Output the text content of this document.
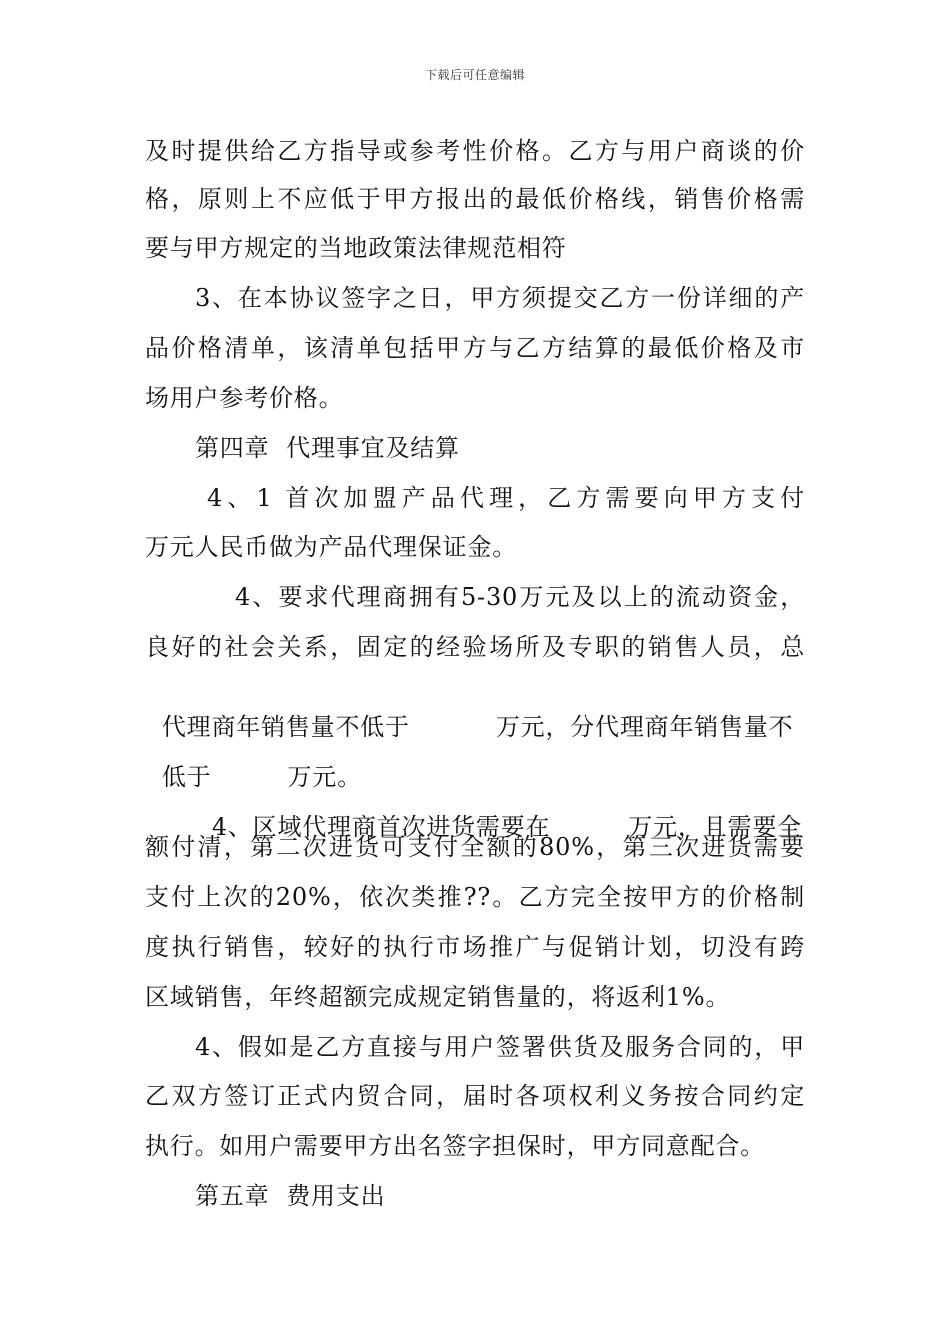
下载后可任意编辑
及时提供给乙方指导或参考性价格。乙方与用户商谈的价
格，原则上不应低于甲方报出的最低价格线，销售价格需
要与甲方规定的当地政策法律规范相符
3、在本协议签字之日，甲方须提交乙方一份详细的产
品价格清单，该清单包括甲方与乙方结算的最低价格及市
场用户参考价格。
第四章  代理事宜及结算
4、1 首次加盟产品代理，乙方需要向甲方支付
万元人民币做为产品代理保证金。
4、要求代理商拥有5-30万元及以上的流动资金，
良好的社会关系，固定的经验场所及专职的销售人员，总

代理商年销售量不低于	万元，分代理商年销售量不

低于	万元。

4、区域代理商首次进货需要在	万元，且需要全

额付清，第二次进货可支付全额的80%，第三次进货需要
支付上次的20%，依次类推??。乙方完全按甲方的价格制
度执行销售，较好的执行市场推广与促销计划，切没有跨
区域销售，年终超额完成规定销售量的，将返利1%。
4、假如是乙方直接与用户签署供货及服务合同的，甲
乙双方签订正式内贸合同，届时各项权利义务按合同约定
执行。如用户需要甲方出名签字担保时，甲方同意配合。
第五章  费用支出
